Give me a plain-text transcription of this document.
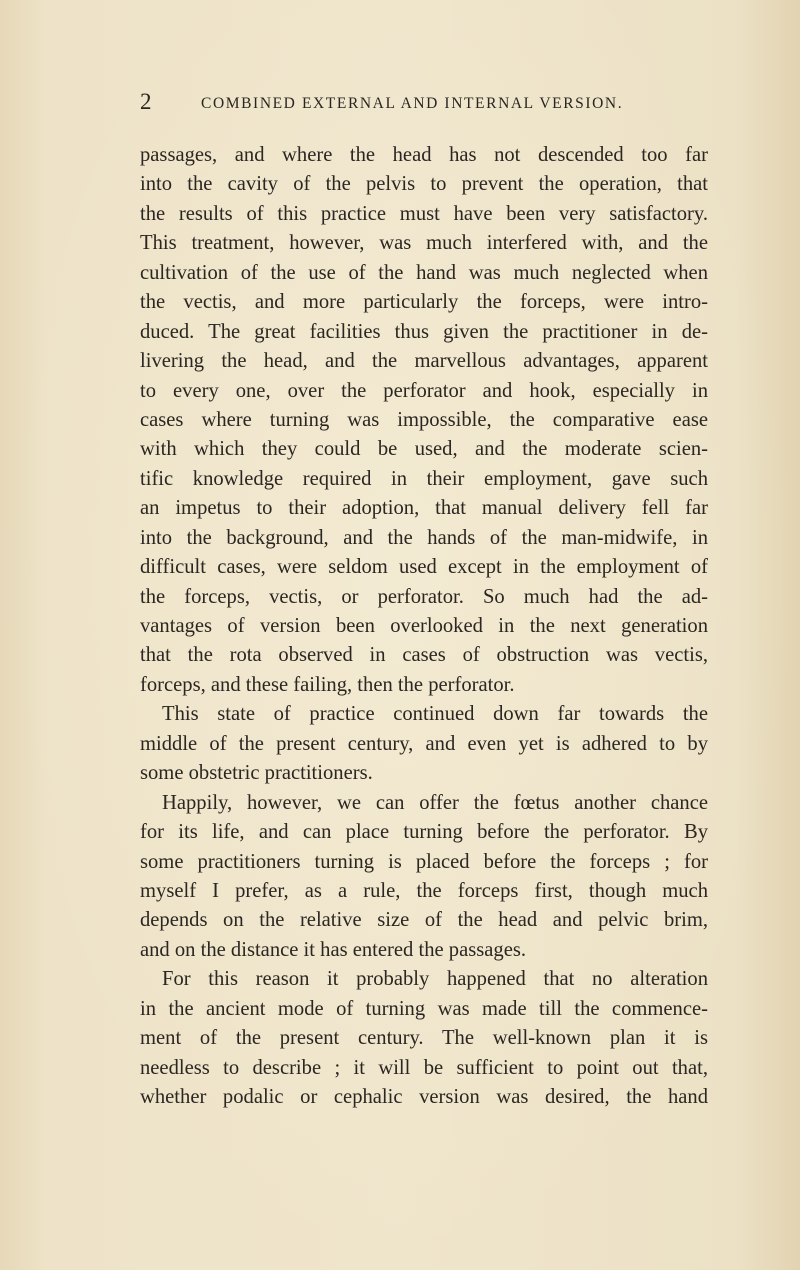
2	COMBINED EXTERNAL AND INTERNAL VERSION.
passages, and where the head has not descended too far
into the cavity of the pelvis to prevent the operation, that
the results of this practice must have been very satisfactory.
This treatment, however, was much interfered with, and the
cultivation of the use of the hand was much neglected when
the vectis, and more particularly the forceps, were intro-
duced. The great facilities thus given the practitioner in de-
livering the head, and the marvellous advantages, apparent
to every one, over the perforator and hook, especially in
cases where turning was impossible, the comparative ease
with which they could be used, and the moderate scien-
tific knowledge required in their employment, gave such
an impetus to their adoption, that manual delivery fell far
into the background, and the hands of the man-midwife, in
difficult cases, were seldom used except in the employment of
the forceps, vectis, or perforator. So much had the ad-
vantages of version been overlooked in the next generation
that the rota observed in cases of obstruction was vectis,
forceps, and these failing, then the perforator.
This state of practice continued down far towards the
middle of the present century, and even yet is adhered to by
some obstetric practitioners.
Happily, however, we can offer the fœtus another chance
for its life, and can place turning before the perforator. By
some practitioners turning is placed before the forceps ; for
myself I prefer, as a rule, the forceps first, though much
depends on the relative size of the head and pelvic brim,
and on the distance it has entered the passages.
For this reason it probably happened that no alteration
in the ancient mode of turning was made till the commence-
ment of the present century. The well-known plan it is
needless to describe ; it will be sufficient to point out that,
whether podalic or cephalic version was desired, the hand
